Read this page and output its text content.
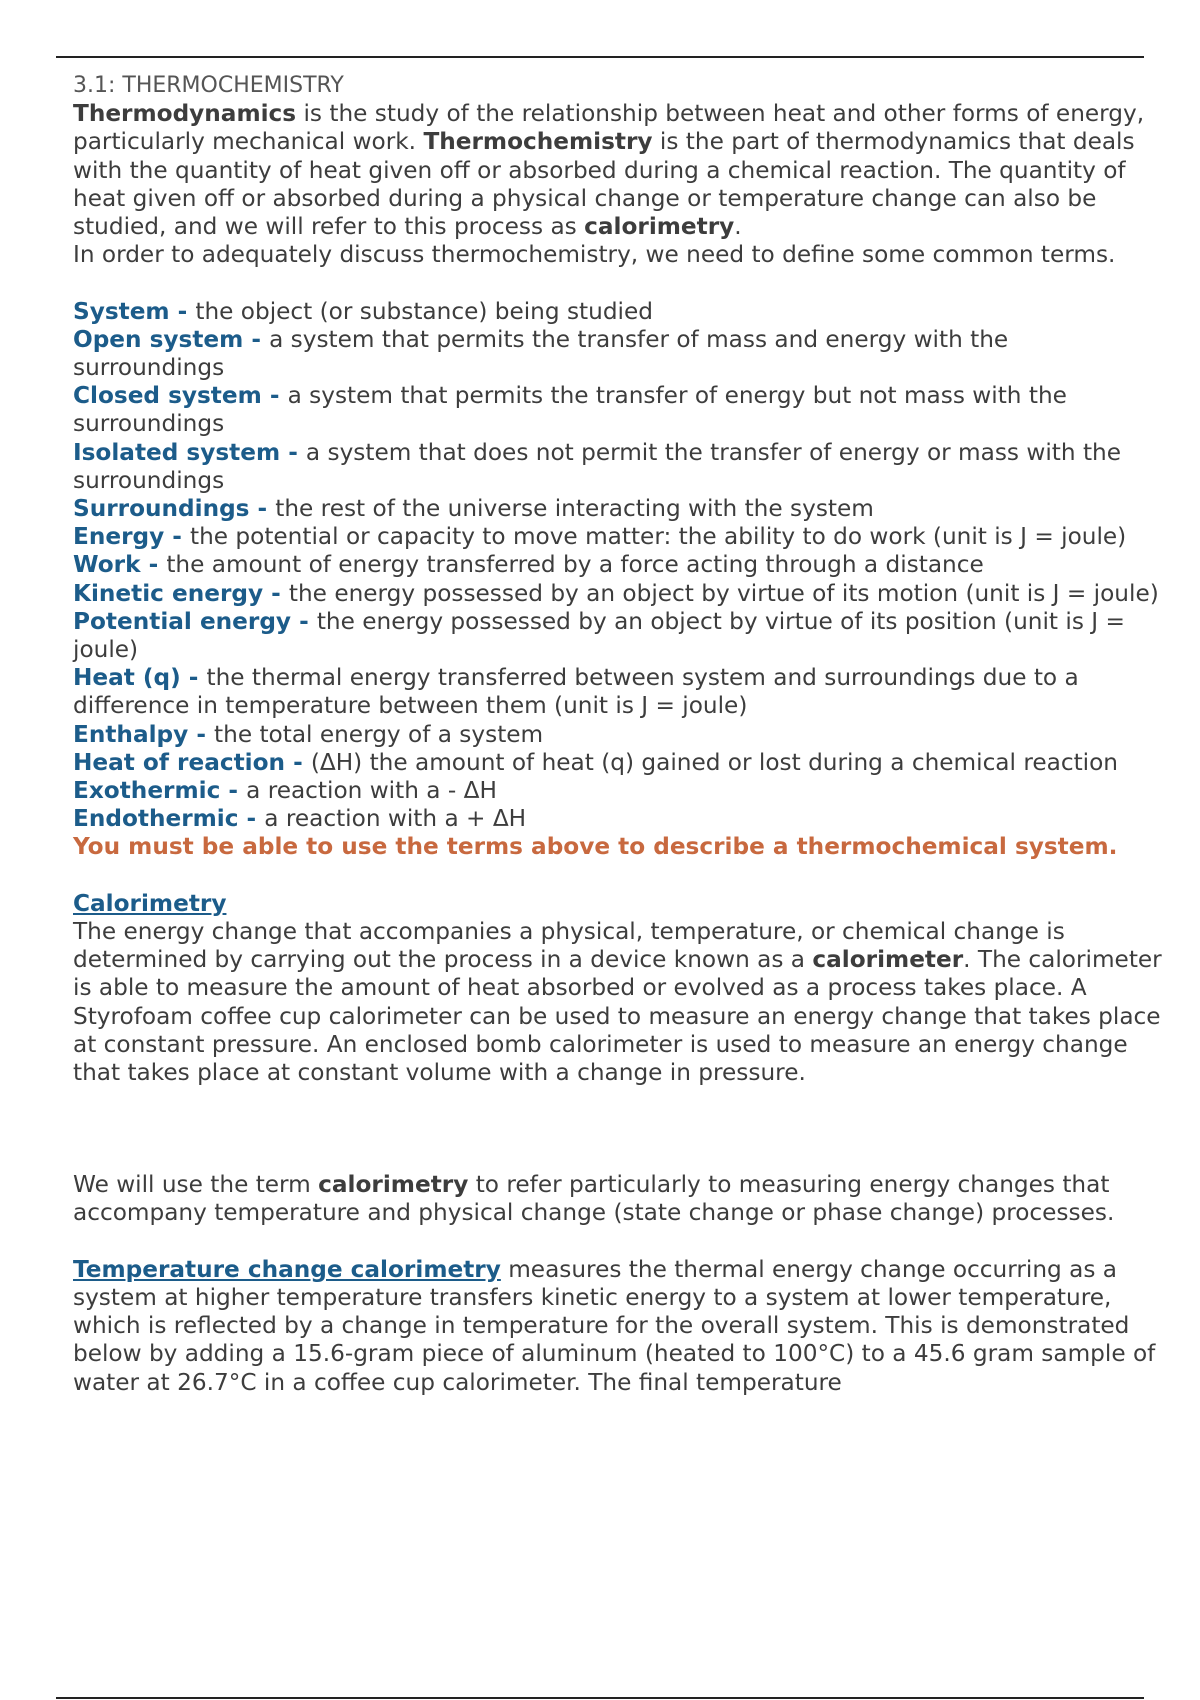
3.1: THERMOCHEMISTRY

Thermodynamics is the study of the relationship between heat and other forms of energy, particularly mechanical work. Thermochemistry is the part of thermodynamics that deals with the quantity of heat given off or absorbed during a chemical reaction. The quantity of heat given off or absorbed during a physical change or temperature change can also be studied, and we will refer to this process as calorimetry.

In order to adequately discuss thermochemistry, we need to define some common terms.

System - the object (or substance) being studied

Open system - a system that permits the transfer of mass and energy with the surroundings

Closed system - a system that permits the transfer of energy but not mass with the surroundings

Isolated system - a system that does not permit the transfer of energy or mass with the surroundings

Surroundings - the rest of the universe interacting with the system

Energy - the potential or capacity to move matter: the ability to do work (unit is J = joule)

Work - the amount of energy transferred by a force acting through a distance

Kinetic energy - the energy possessed by an object by virtue of its motion (unit is J = joule)

Potential energy - the energy possessed by an object by virtue of its position (unit is J = joule)

Heat (q) - the thermal energy transferred between system and surroundings due to a difference in temperature between them (unit is J = joule)

Enthalpy - the total energy of a system

Heat of reaction - (ΔH) the amount of heat (q) gained or lost during a chemical reaction

Exothermic - a reaction with a - ΔH

Endothermic - a reaction with a + ΔH

You must be able to use the terms above to describe a thermochemical system.

Calorimetry

The energy change that accompanies a physical, temperature, or chemical change is determined by carrying out the process in a device known as a calorimeter. The calorimeter is able to measure the amount of heat absorbed or evolved as a process takes place. A Styrofoam coffee cup calorimeter can be used to measure an energy change that takes place at constant pressure. An enclosed bomb calorimeter is used to measure an energy change that takes place at constant volume with a change in pressure.

We will use the term calorimetry to refer particularly to measuring energy changes that accompany temperature and physical change (state change or phase change) processes.

Temperature change calorimetry measures the thermal energy change occurring as a system at higher temperature transfers kinetic energy to a system at lower temperature, which is reflected by a change in temperature for the overall system. This is demonstrated below by adding a 15.6-gram piece of aluminum (heated to 100°C) to a 45.6 gram sample of water at 26.7°C in a coffee cup calorimeter. The final temperature
